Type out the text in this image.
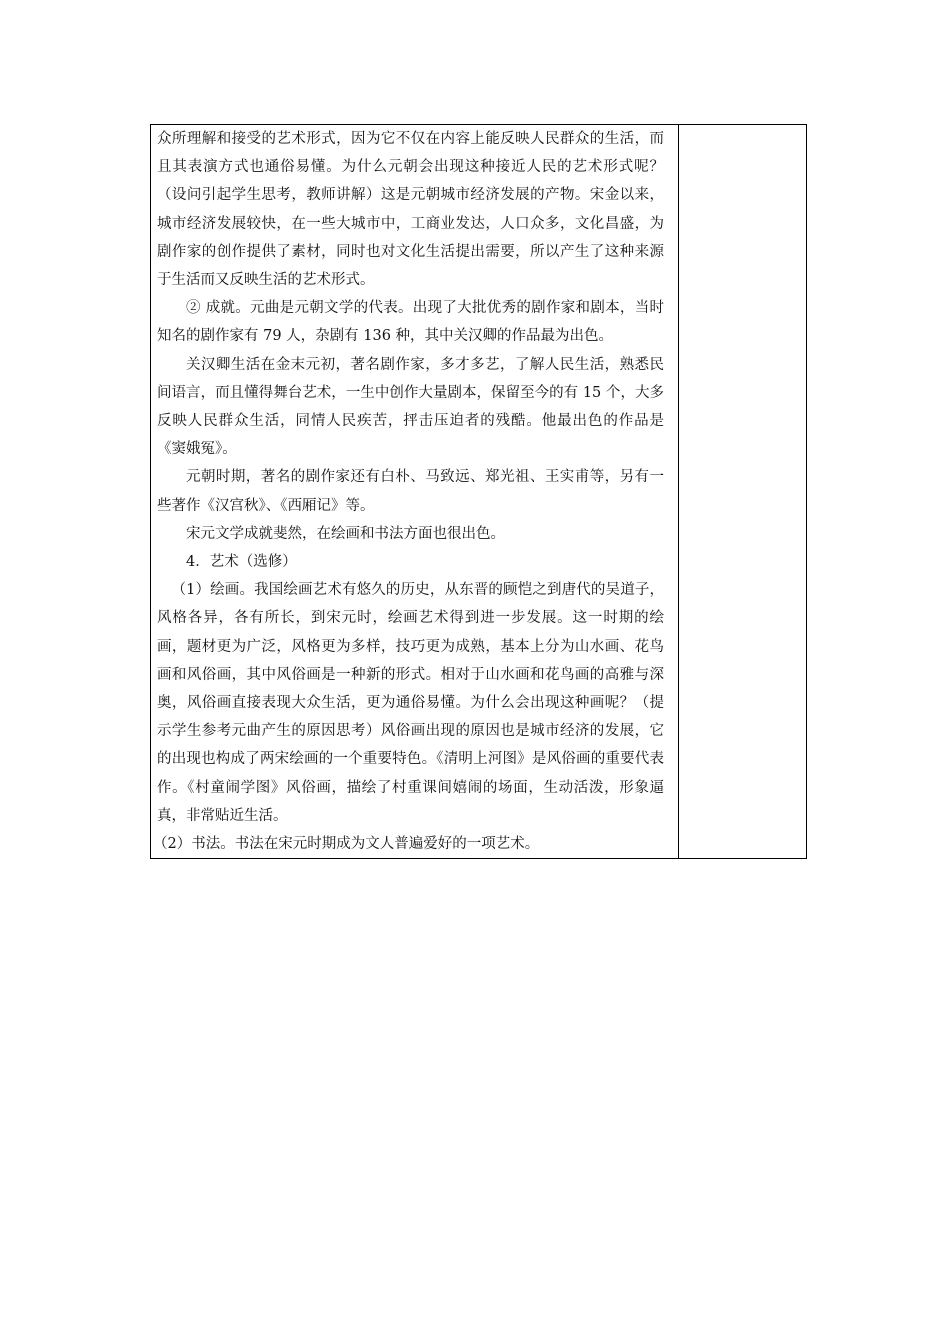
众所理解和接受的艺术形式，因为它不仅在内容上能反映人民群众的生活，而且其表演方式也通俗易懂。为什么元朝会出现这种接近人民的艺术形式呢？（设问引起学生思考，教师讲解）这是元朝城市经济发展的产物。宋金以来，城市经济发展较快，在一些大城市中，工商业发达，人口众多，文化昌盛，为剧作家的创作提供了素材，同时也对文化生活提出需要，所以产生了这种来源于生活而又反映生活的艺术形式。

② 成就。元曲是元朝文学的代表。出现了大批优秀的剧作家和剧本，当时知名的剧作家有 79 人，杂剧有 136 种，其中关汉卿的作品最为出色。

关汉卿生活在金末元初，著名剧作家，多才多艺，了解人民生活，熟悉民间语言，而且懂得舞台艺术，一生中创作大量剧本，保留至今的有 15 个，大多反映人民群众生活，同情人民疾苦，抨击压迫者的残酷。他最出色的作品是《窦娥冤》。

元朝时期，著名的剧作家还有白朴、马致远、郑光祖、王实甫等，另有一些著作《汉宫秋》、《西厢记》等。

宋元文学成就斐然，在绘画和书法方面也很出色。

4．艺术（选修）

（1）绘画。我国绘画艺术有悠久的历史，从东晋的顾恺之到唐代的吴道子，风格各异，各有所长，到宋元时，绘画艺术得到进一步发展。这一时期的绘画，题材更为广泛，风格更为多样，技巧更为成熟，基本上分为山水画、花鸟画和风俗画，其中风俗画是一种新的形式。相对于山水画和花鸟画的高雅与深奥，风俗画直接表现大众生活，更为通俗易懂。为什么会出现这种画呢？（提示学生参考元曲产生的原因思考）风俗画出现的原因也是城市经济的发展，它的出现也构成了两宋绘画的一个重要特色。《清明上河图》是风俗画的重要代表作。《村童闹学图》风俗画，描绘了村重课间嬉闹的场面，生动活泼，形象逼真，非常贴近生活。

（2）书法。书法在宋元时期成为文人普遍爱好的一项艺术。
